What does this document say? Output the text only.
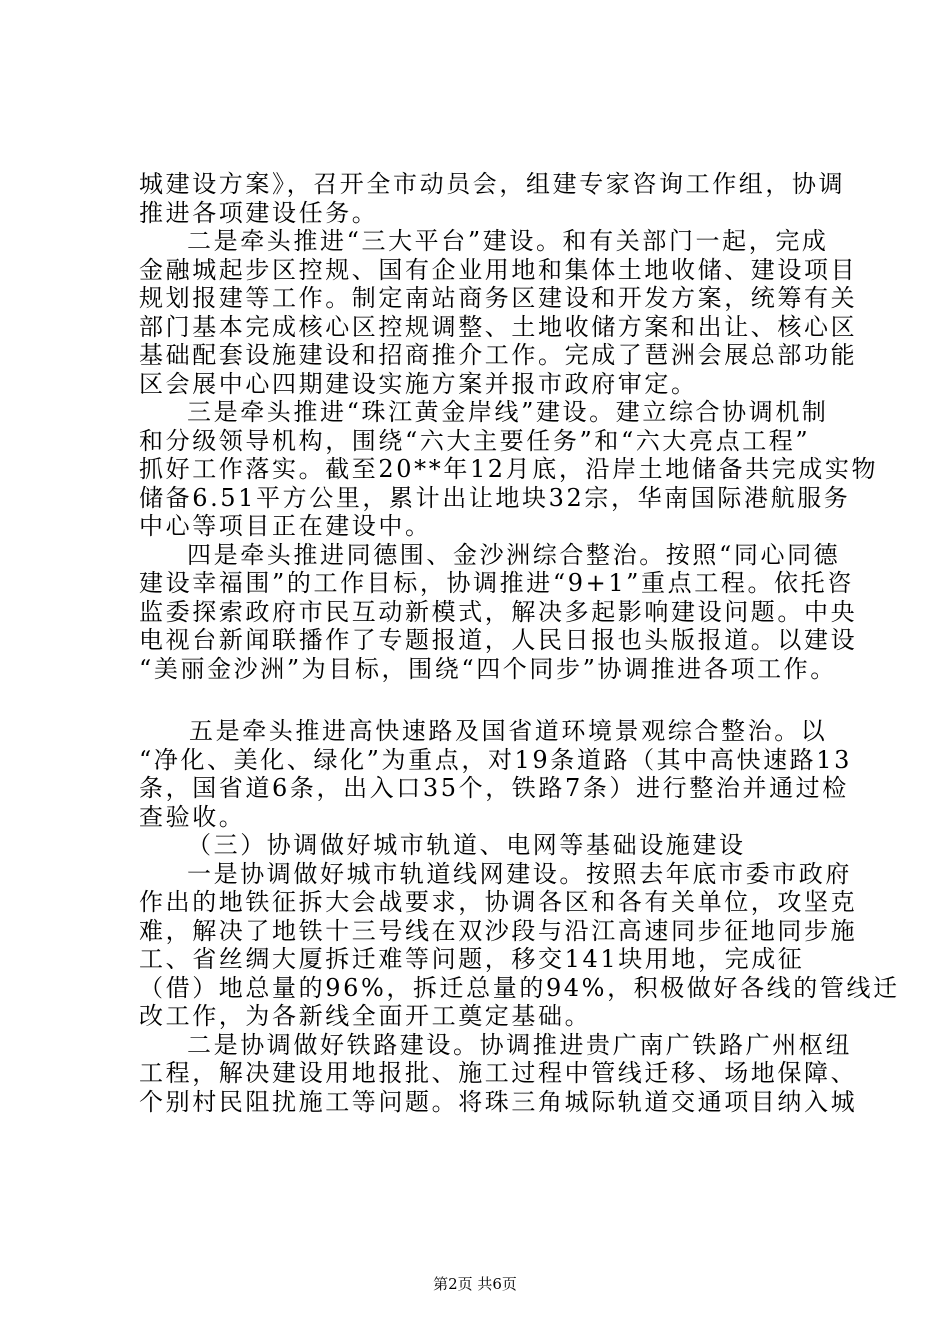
城建设方案》，召开全市动员会，组建专家咨询工作组，协调
推进各项建设任务。
二是牵头推进“三大平台”建设。和有关部门一起，完成
金融城起步区控规、国有企业用地和集体土地收储、建设项目
规划报建等工作。制定南站商务区建设和开发方案，统筹有关
部门基本完成核心区控规调整、土地收储方案和出让、核心区
基础配套设施建设和招商推介工作。完成了琶洲会展总部功能
区会展中心四期建设实施方案并报市政府审定。
三是牵头推进“珠江黄金岸线”建设。建立综合协调机制
和分级领导机构，围绕“六大主要任务”和“六大亮点工程”
抓好工作落实。截至20**年12月底，沿岸土地储备共完成实物
储备6.51平方公里，累计出让地块32宗，华南国际港航服务
中心等项目正在建设中。
四是牵头推进同德围、金沙洲综合整治。按照“同心同德
建设幸福围”的工作目标，协调推进“9+1”重点工程。依托咨
监委探索政府市民互动新模式，解决多起影响建设问题。中央
电视台新闻联播作了专题报道，人民日报也头版报道。以建设
“美丽金沙洲”为目标，围绕“四个同步”协调推进各项工作。
五是牵头推进高快速路及国省道环境景观综合整治。以
“净化、美化、绿化”为重点，对19条道路（其中高快速路13
条，国省道6条，出入口35个，铁路7条）进行整治并通过检
查验收。
（三）协调做好城市轨道、电网等基础设施建设
一是协调做好城市轨道线网建设。按照去年底市委市政府
作出的地铁征拆大会战要求，协调各区和各有关单位，攻坚克
难，解决了地铁十三号线在双沙段与沿江高速同步征地同步施
工、省丝绸大厦拆迁难等问题，移交141块用地，完成征
（借）地总量的96%，拆迁总量的94%，积极做好各线的管线迁
改工作，为各新线全面开工奠定基础。
二是协调做好铁路建设。协调推进贵广南广铁路广州枢纽
工程，解决建设用地报批、施工过程中管线迁移、场地保障、
个别村民阻扰施工等问题。将珠三角城际轨道交通项目纳入城
第2页 共6页
